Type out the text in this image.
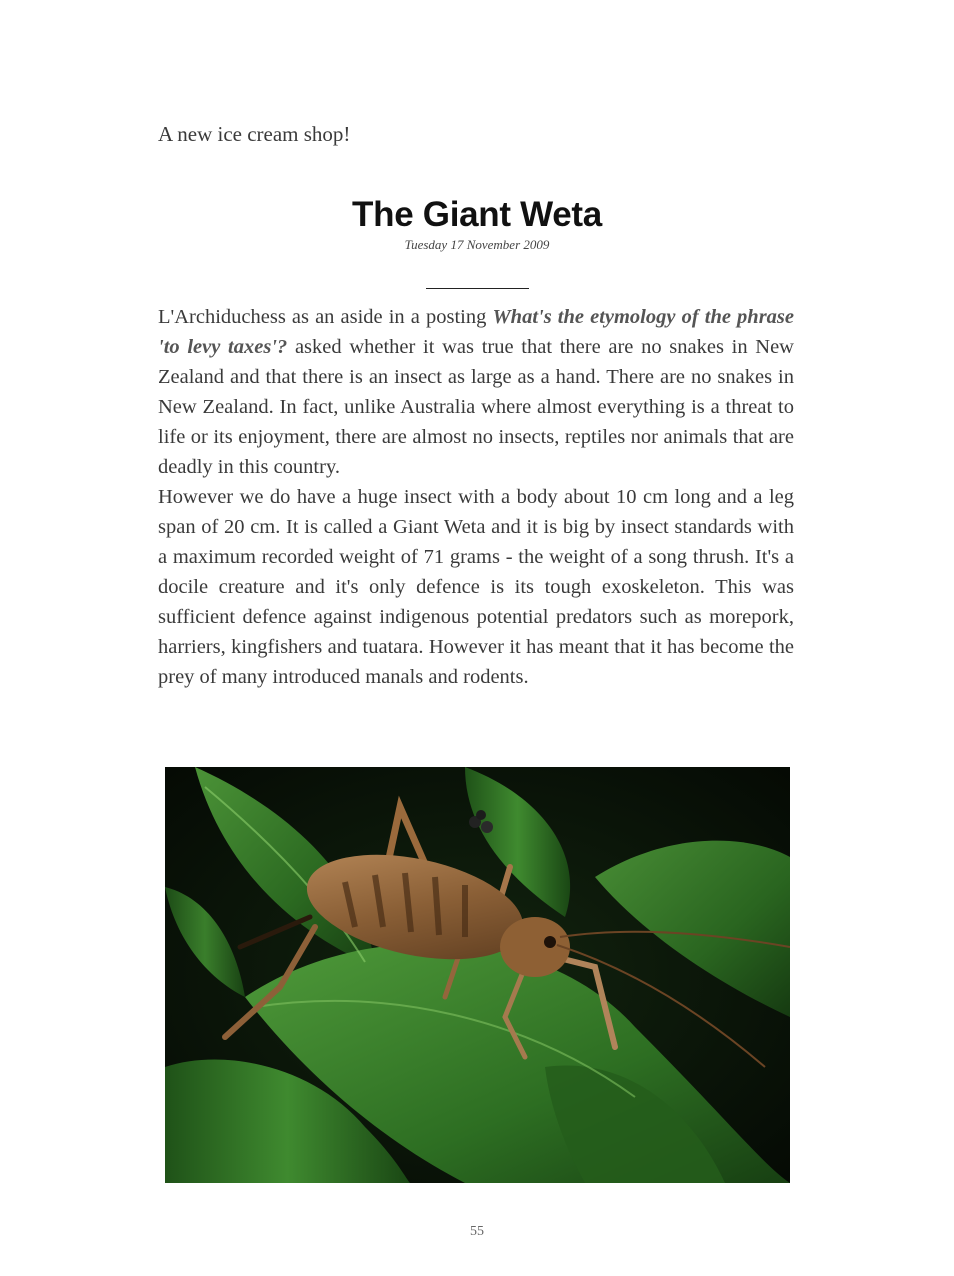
A new ice cream shop!
The Giant Weta
Tuesday 17 November 2009

L'Archiduchess as an aside in a posting What's the etymology of the phrase 'to levy taxes'? asked whether it was true that there are no snakes in New Zealand and that there is an insect as large as a hand. There are no snakes in New Zealand. In fact, unlike Australia where almost everything is a threat to life or its enjoyment, there are almost no insects, reptiles nor animals that are deadly in this country.

However we do have a huge insect with a body about 10 cm long and a leg span of 20 cm. It is called a Giant Weta and it is big by insect standards with a maximum recorded weight of 71 grams - the weight of a song thrush. It's a docile creature and it's only defence is its tough exoskeleton. This was sufficient defence against indigenous potential predators such as morepork, harriers, kingfishers and tuatara. However it has meant that it has become the prey of many introduced manals and rodents.

55
